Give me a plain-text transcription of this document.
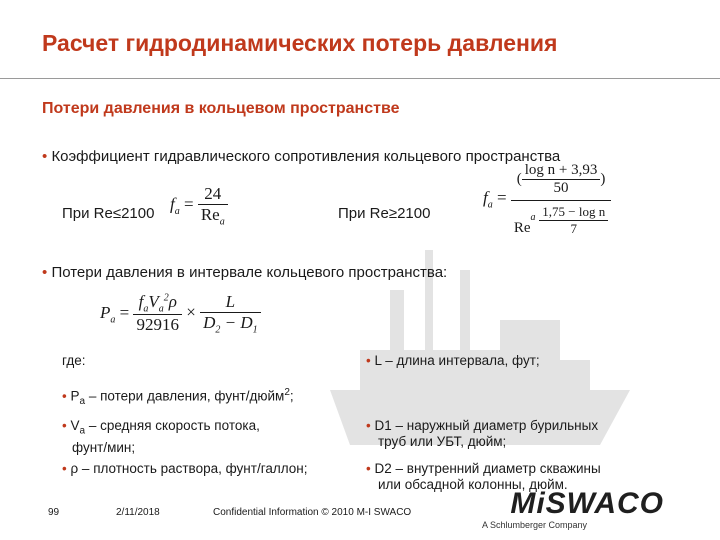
Расчет гидродинамических потерь давления
Потери давления в кольцевом пространстве
• Коэффициент гидравлического сопротивления кольцевого пространства
При Re≤2100 $f_a = \frac{24}{Re_a}$	При Re≥2100
$f_a = \frac{( \frac{\text{log n + 3,93}}{50} )}{Re_a \frac{\text{1,75 − log n}}{7}}$
• Потери давления в интервале кольцевого пространства:
$P_a = \frac{f_aV_a^2\rho}{92916} \times \frac{L}{D_2 - D_1}$
где:	• L – длина интервала, фут;
• $P_a$ – потери давления, фунт/дюйм$^2$;
• $V_a$ – средняя скорость потока,
фунт/мин;
• D1 – наружный диаметр бурильных
труб или УБТ, дюйм;
• ρ – плотность раствора, фунт/галлон;	• D2 – внутренний диаметр скважины
или обсадной колонны, дюйм.
99	2/11/2018	Confidential Information © 2010 M-I SWACO	MiSWACO
A Schlumberger Company
